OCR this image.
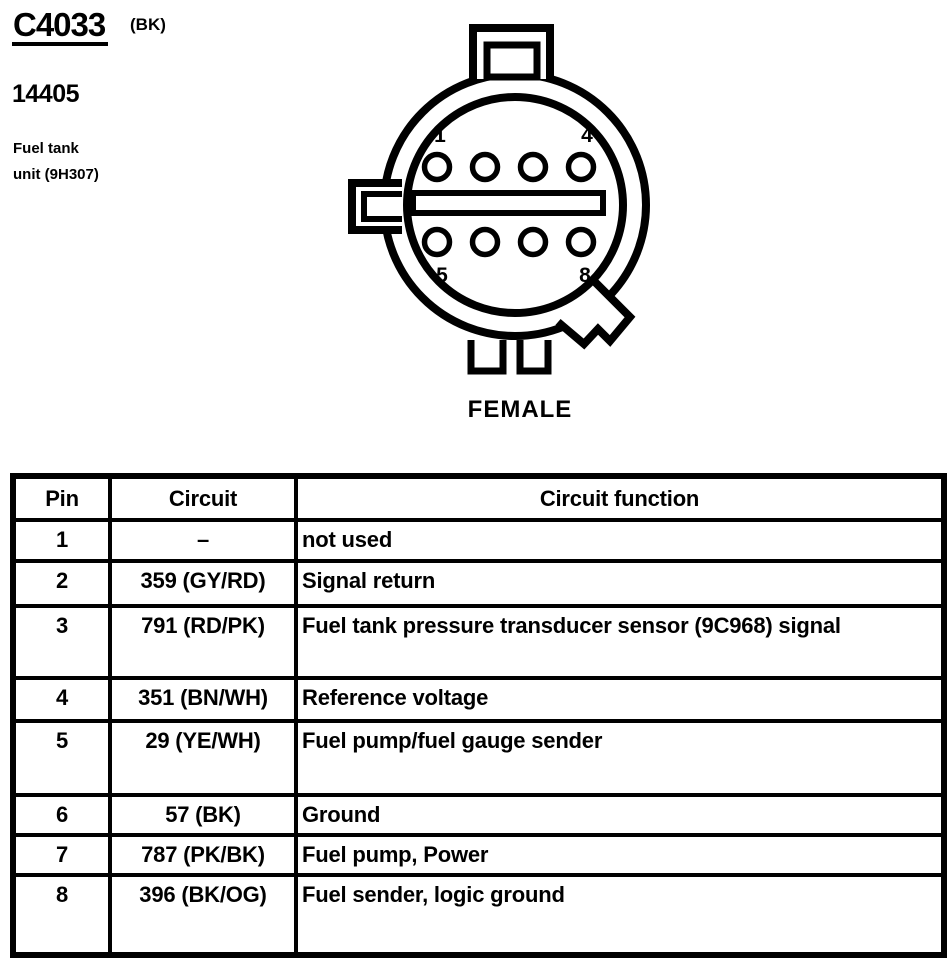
C4033 (BK)
14405
Fuel tank
unit (9H307)
1	4
5	8
FEMALE
Pin	Circuit	Circuit function
1	–	not used
2	359 (GY/RD)	Signal return
3	791 (RD/PK)	Fuel tank pressure transducer sensor (9C968) signal
4	351 (BN/WH)	Reference voltage
5	29 (YE/WH)	Fuel pump/fuel gauge sender
6	57 (BK)	Ground
7	787 (PK/BK)	Fuel pump, Power
8	396 (BK/OG)	Fuel sender, logic ground
